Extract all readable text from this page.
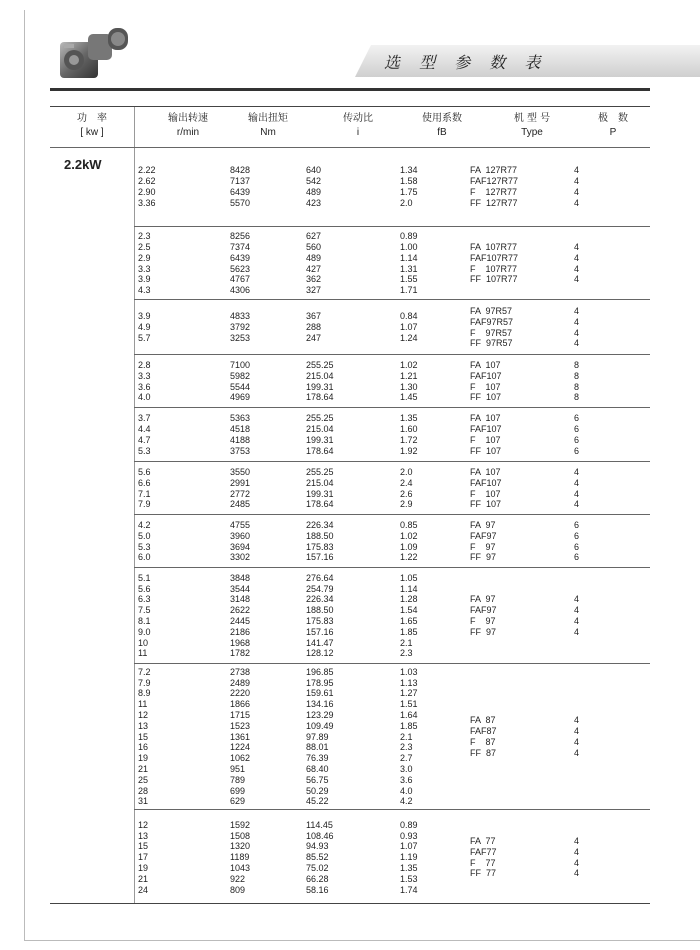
选 型 参 数 表
功　率
[ kw ]
输出转速
r/min
输出扭矩
Nm
传动比
i
使用系数
fB
机 型 号
Type
极　数
P
2.2kW	2.22
2.62
2.90
3.36
8428
7137
6439
5570
640
542
489
423
1.34
1.58
1.75
2.0
FA  127R77
FAF127R77
F    127R77
FF  127R77
4
4
4
4
2.3
2.5
2.9
3.3
3.9
4.3
8256
7374
6439
5623
4767
4306
627
560
489
427
362
327
0.89
1.00
1.14
1.31
1.55
1.71
FA  107R77
FAF107R77
F    107R77
FF  107R77
4
4
4
4
3.9
4.9
5.7
4833
3792
3253
367
288
247
0.84
1.07
1.24
FA  97R57
FAF97R57
F    97R57
FF  97R57
4
4
4
4
2.8
3.3
3.6
4.0
7100
5982
5544
4969
255.25
215.04
199.31
178.64
1.02
1.21
1.30
1.45
FA  107
FAF107
F    107
FF  107
8
8
8
8
3.7
4.4
4.7
5.3
5363
4518
4188
3753
255.25
215.04
199.31
178.64
1.35
1.60
1.72
1.92
FA  107
FAF107
F    107
FF  107
6
6
6
6
5.6
6.6
7.1
7.9
3550
2991
2772
2485
255.25
215.04
199.31
178.64
2.0
2.4
2.6
2.9
FA  107
FAF107
F    107
FF  107
4
4
4
4
4.2
5.0
5.3
6.0
4755
3960
3694
3302
226.34
188.50
175.83
157.16
0.85
1.02
1.09
1.22
FA  97
FAF97
F    97
FF  97
6
6
6
6
5.1
5.6
6.3
7.5
8.1
9.0
10
11
3848
3544
3148
2622
2445
2186
1968
1782
276.64
254.79
226.34
188.50
175.83
157.16
141.47
128.12
1.05
1.14
1.28
1.54
1.65
1.85
2.1
2.3
FA  97
FAF97
F    97
FF  97
4
4
4
4
7.2
7.9
8.9
11
12
13
15
16
19
21
25
28
31
2738
2489
2220
1866
1715
1523
1361
1224
1062
951
789
699
629
196.85
178.95
159.61
134.16
123.29
109.49
97.89
88.01
76.39
68.40
56.75
50.29
45.22
1.03
1.13
1.27
1.51
1.64
1.85
2.1
2.3
2.7
3.0
3.6
4.0
4.2
FA  87
FAF87
F    87
FF  87
4
4
4
4
12
13
15
17
19
21
24
1592
1508
1320
1189
1043
922
809
114.45
108.46
94.93
85.52
75.02
66.28
58.16
0.89
0.93
1.07
1.19
1.35
1.53
1.74
FA  77
FAF77
F    77
FF  77
4
4
4
4
